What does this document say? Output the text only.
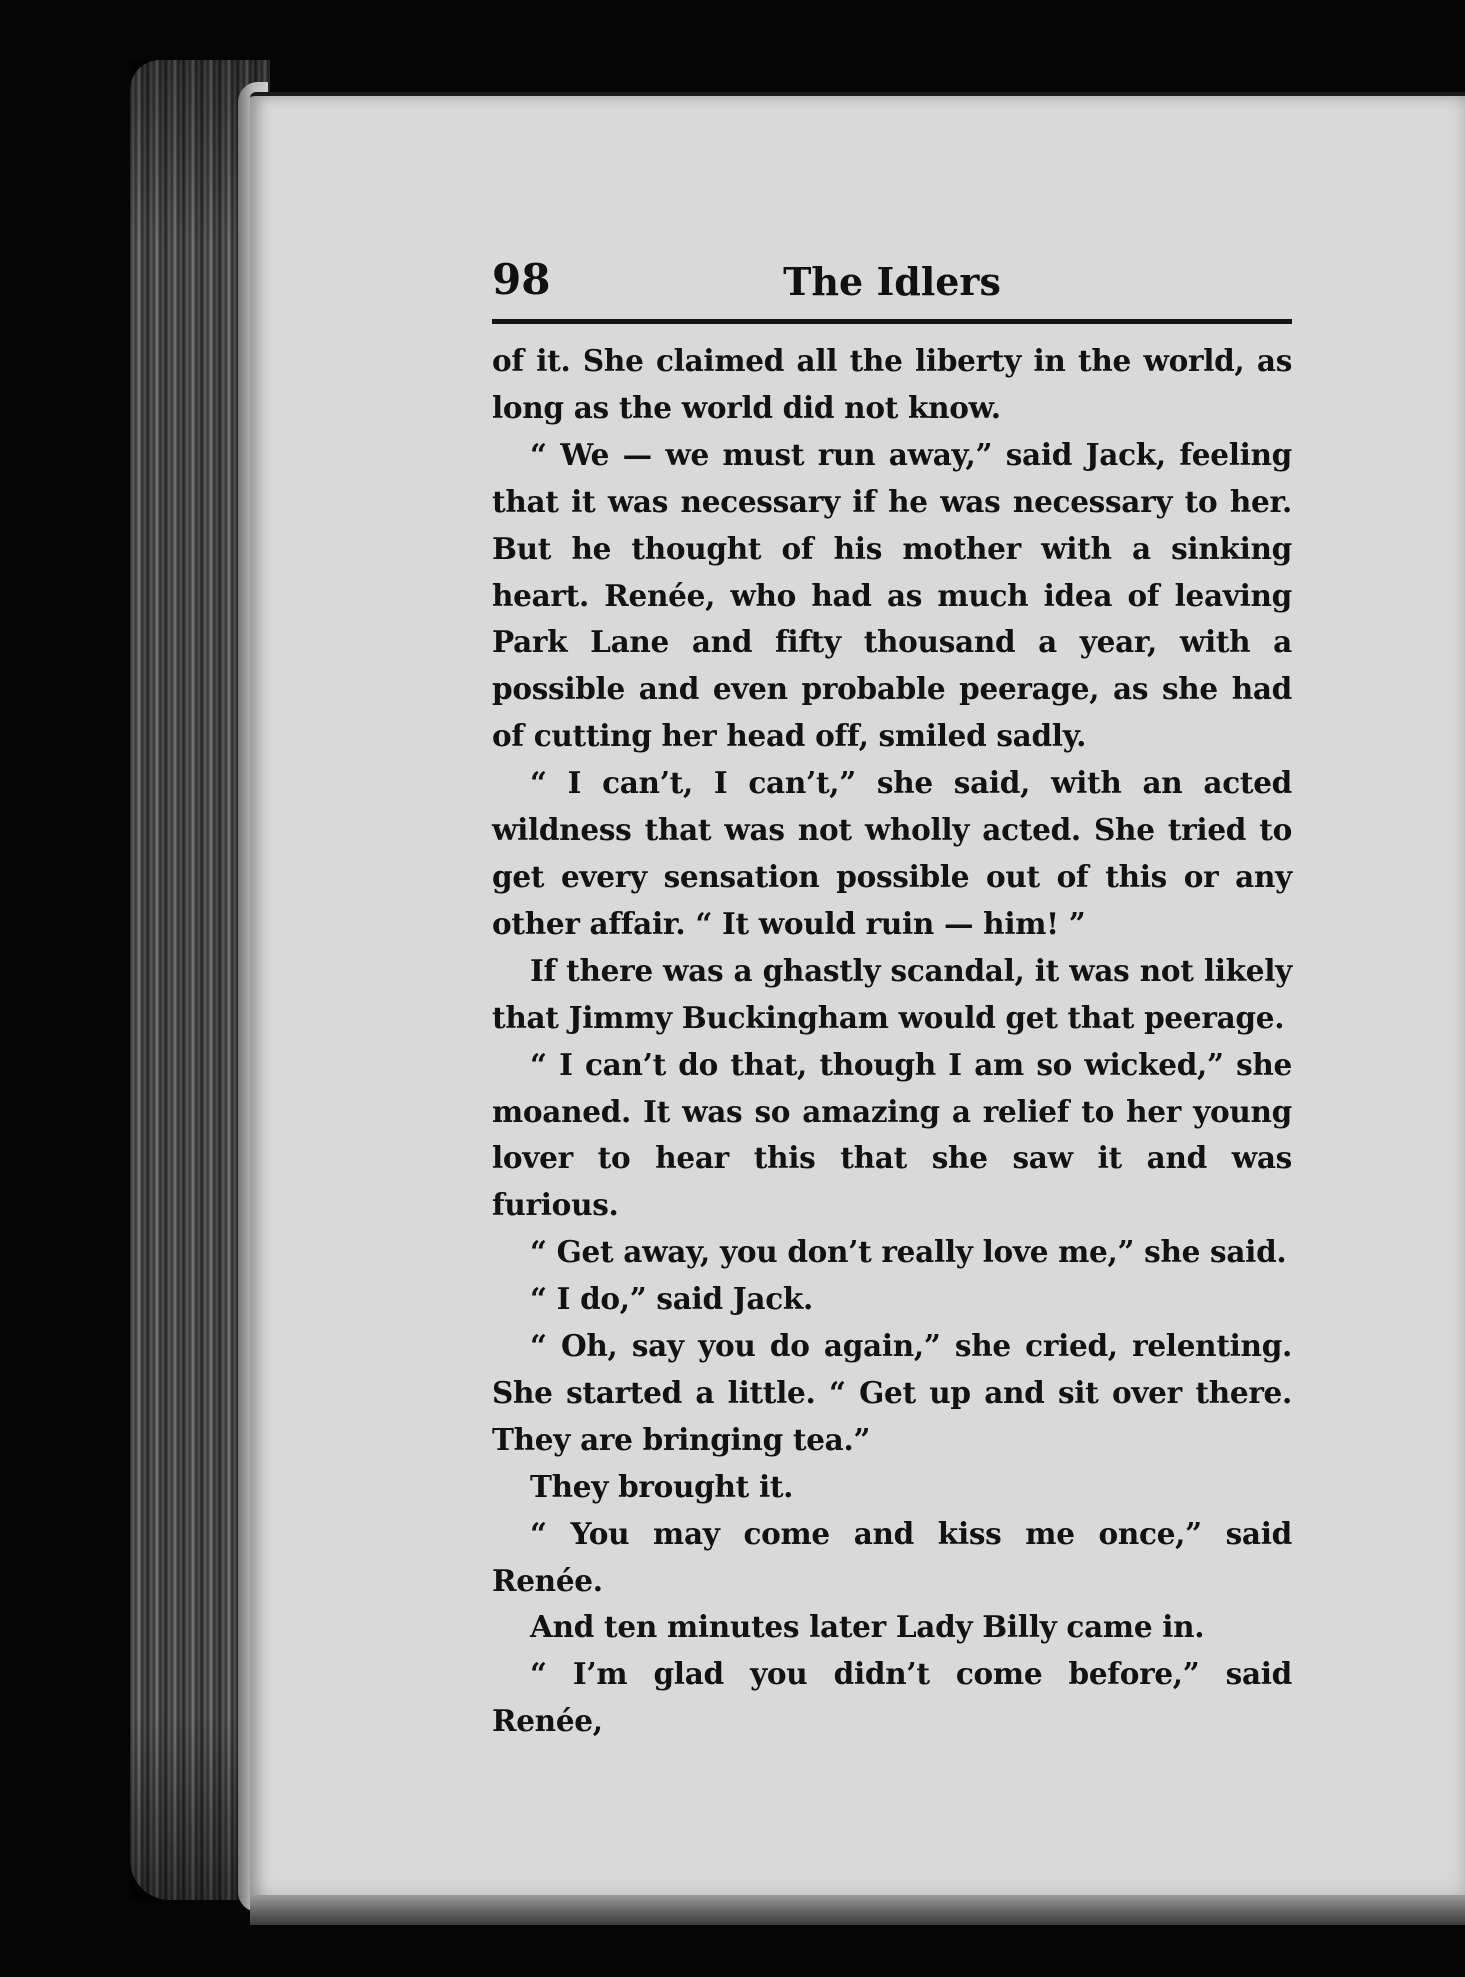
98	The Idlers

of it. She claimed all the liberty in the world, as long as the world did not know.

“ We — we must run away,” said Jack, feeling that it was necessary if he was necessary to her. But he thought of his mother with a sinking heart. Renée, who had as much idea of leaving Park Lane and fifty thousand a year, with a possible and even probable peerage, as she had of cutting her head off, smiled sadly.

“ I can’t, I can’t,” she said, with an acted wildness that was not wholly acted. She tried to get every sensation possible out of this or any other affair. “ It would ruin — him! ”

If there was a ghastly scandal, it was not likely that Jimmy Buckingham would get that peerage.

“ I can’t do that, though I am so wicked,” she moaned. It was so amazing a relief to her young lover to hear this that she saw it and was furious.

“ Get away, you don’t really love me,” she said.

“ I do,” said Jack.

“ Oh, say you do again,” she cried, relenting. She started a little. “ Get up and sit over there. They are bringing tea.”

They brought it.

“ You may come and kiss me once,” said Renée.

And ten minutes later Lady Billy came in.

“ I’m glad you didn’t come before,” said Renée,
